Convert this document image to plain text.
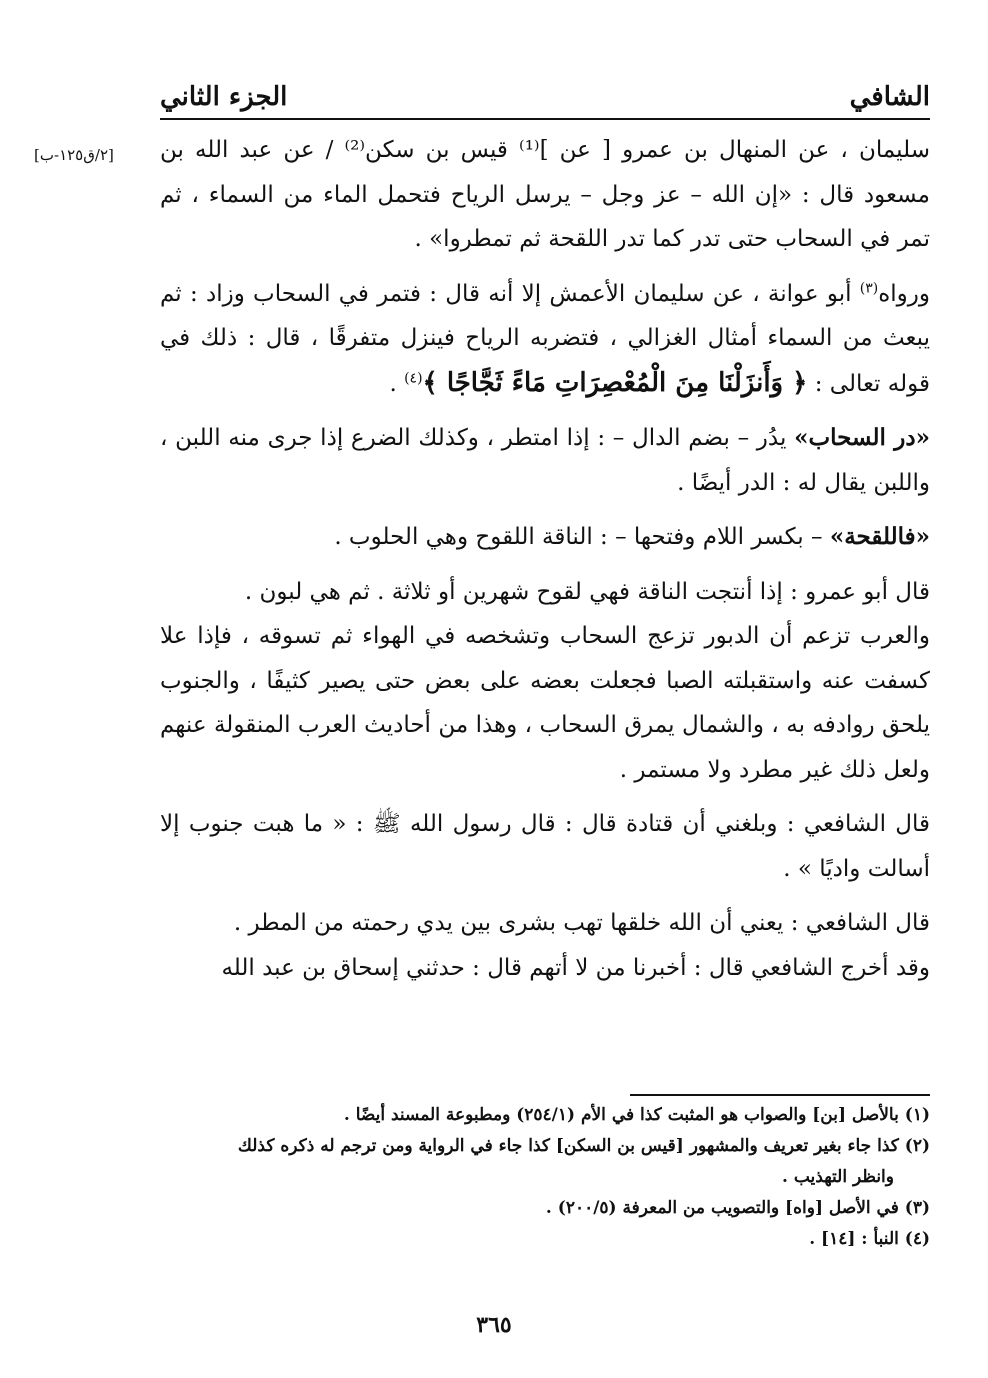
الشافي
الجزء الثاني
[٢/ق١٢٥-ب] سليمان ، عن المنهال بن عمرو [ عن ]⁽¹⁾ قيس بن سكن⁽²⁾ / عن عبد الله بن مسعود قال : «إن الله – عز وجل – يرسل الرياح فتحمل الماء من السماء ، ثم تمر في السحاب حتى تدر كما تدر اللقحة ثم تمطروا» .

ورواه$^{(٣)}$ أبو عوانة ، عن سليمان الأعمش إلا أنه قال : فتمر في السحاب وزاد : ثم يبعث من السماء أمثال الغزالي ، فتضربه الرياح فينزل متفرقًا ، قال : ذلك في قوله تعالى : ﴿ وَأَنزَلْنَا مِنَ الْمُعْصِرَاتِ مَاءً ثَجَّاجًا ﴾$^{(٤)}$ .

«در السحاب» يدُر – بضم الدال – : إذا امتطر ، وكذلك الضرع إذا جرى منه اللبن ، واللبن يقال له : الدر أيضًا .

«فاللقحة» – بكسر اللام وفتحها – : الناقة اللقوح وهي الحلوب .

قال أبو عمرو : إذا أنتجت الناقة فهي لقوح شهرين أو ثلاثة . ثم هي لبون .

والعرب تزعم أن الدبور تزعج السحاب وتشخصه في الهواء ثم تسوقه ، فإذا علا كسفت عنه واستقبلته الصبا فجعلت بعضه على بعض حتى يصير كثيفًا ، والجنوب يلحق روادفه به ، والشمال يمرق السحاب ، وهذا من أحاديث العرب المنقولة عنهم ولعل ذلك غير مطرد ولا مستمر .

قال الشافعي : وبلغني أن قتادة قال : قال رسول الله ﷺ : « ما هبت جنوب إلا أسالت واديًا » .

قال الشافعي : يعني أن الله خلقها تهب بشرى بين يدي رحمته من المطر .

وقد أخرج الشافعي قال : أخبرنا من لا أتهم قال : حدثني إسحاق بن عبد الله

(١) بالأصل [بن] والصواب هو المثبت كذا في الأم (٢٥٤/١) ومطبوعة المسند أيضًا .

(٢) كذا جاء بغير تعريف والمشهور [قيس بن السكن] كذا جاء في الرواية ومن ترجم له ذكره كذلك

وانظر التهذيب .

(٣) في الأصل [واه] والتصويب من المعرفة (٢٠٠/٥) .

(٤) النبأ : [١٤] .

٣٦٥
